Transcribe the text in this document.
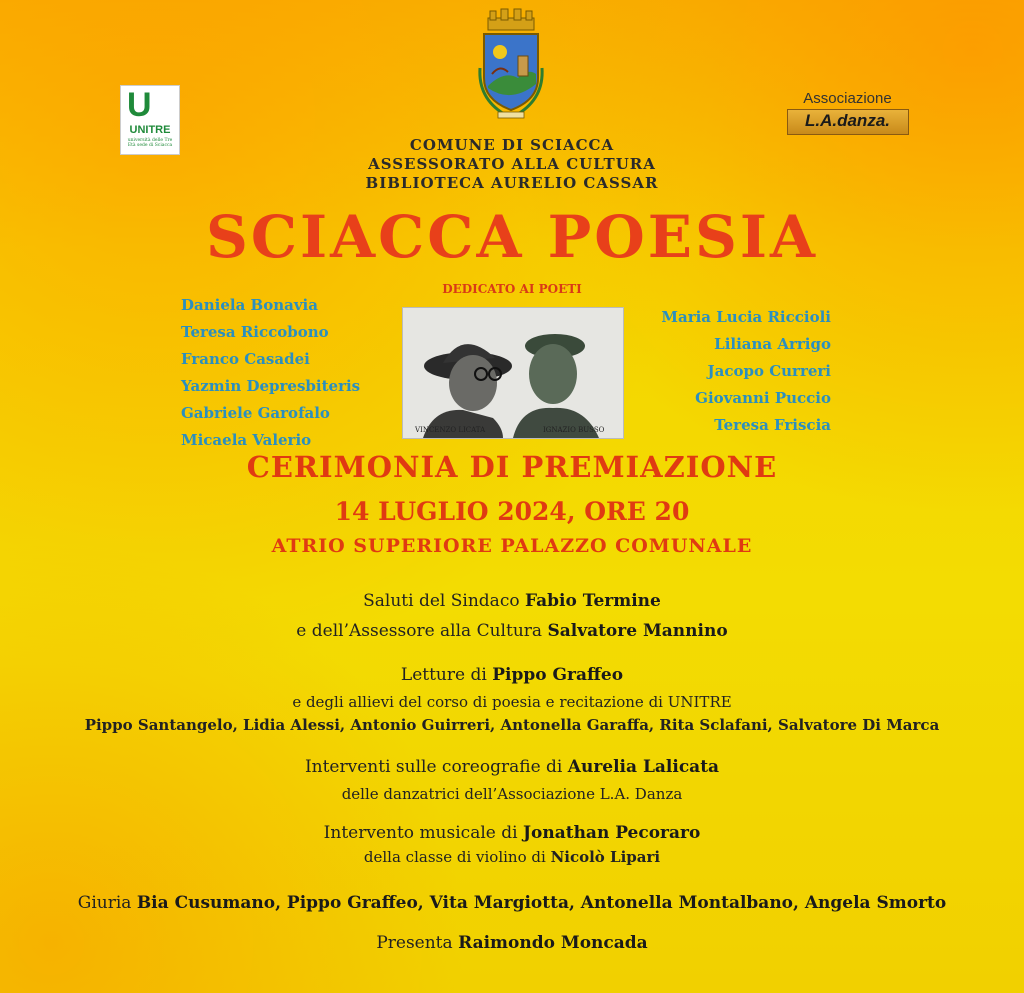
U
UNITRE
università delle Tre Età sede di Sciacca
Associazione
L.A.danza.
COMUNE DI SCIACCA
ASSESSORATO ALLA CULTURA
BIBLIOTECA AURELIO CASSAR
SCIACCA POESIA
DEDICATO AI POETI
Daniela Bonavia
Teresa Riccobono
Franco Casadei
Yazmin Depresbiteris
Gabriele Garofalo
Micaela Valerio
Maria Lucia Riccioli
Liliana Arrigo
Jacopo Curreri
Giovanni Puccio
Teresa Friscia
VINCENZO LICATA	IGNAZIO BUSSO
CERIMONIA DI PREMIAZIONE
14 LUGLIO 2024, ORE 20
ATRIO SUPERIORE PALAZZO COMUNALE
Saluti del Sindaco Fabio Termine
e dell’Assessore alla Cultura Salvatore Mannino
Letture di Pippo Graffeo
e degli allievi del corso di poesia e recitazione di UNITRE
Pippo Santangelo, Lidia Alessi, Antonio Guirreri, Antonella Garaffa, Rita Sclafani, Salvatore Di Marca
Interventi sulle coreografie di Aurelia Lalicata
delle danzatrici dell’Associazione L.A. Danza
Intervento musicale di Jonathan Pecoraro
della classe di violino di Nicolò Lipari
Giuria Bia Cusumano, Pippo Graffeo, Vita Margiotta, Antonella Montalbano, Angela Smorto
Presenta Raimondo Moncada
